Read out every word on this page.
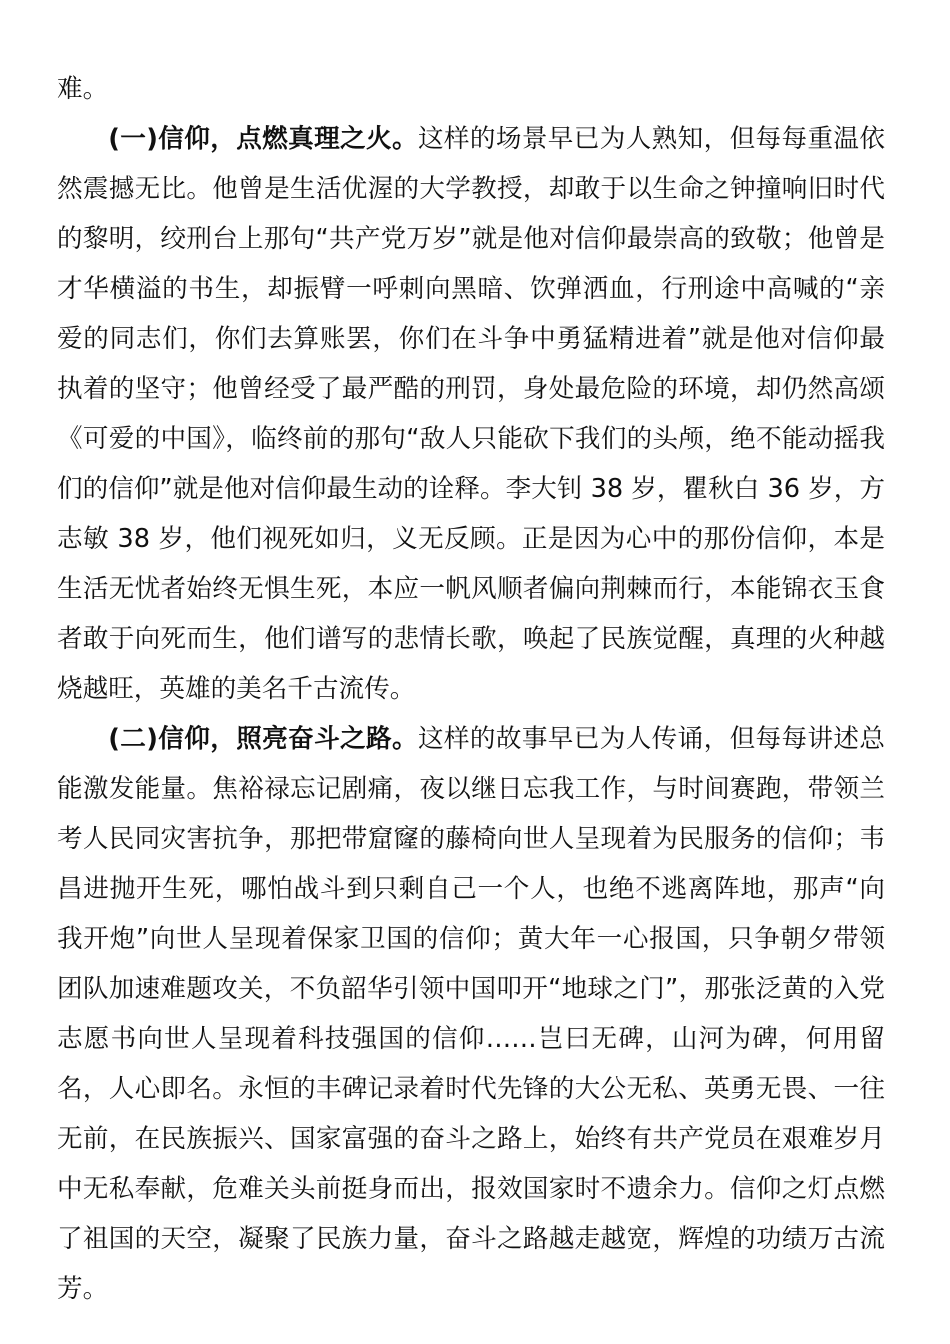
难。

(一)信仰，点燃真理之火。这样的场景早已为人熟知，但每每重温依然震撼无比。他曾是生活优渥的大学教授，却敢于以生命之钟撞响旧时代的黎明，绞刑台上那句“共产党万岁”就是他对信仰最崇高的致敬；他曾是才华横溢的书生，却振臂一呼刺向黑暗、饮弹洒血，行刑途中高喊的“亲爱的同志们，你们去算账罢，你们在斗争中勇猛精进着”就是他对信仰最执着的坚守；他曾经受了最严酷的刑罚，身处最危险的环境，却仍然高颂《可爱的中国》，临终前的那句“敌人只能砍下我们的头颅，绝不能动摇我们的信仰”就是他对信仰最生动的诠释。李大钊 38 岁，瞿秋白 36 岁，方志敏 38 岁，他们视死如归，义无反顾。正是因为心中的那份信仰，本是生活无忧者始终无惧生死，本应一帆风顺者偏向荆棘而行，本能锦衣玉食者敢于向死而生，他们谱写的悲情长歌，唤起了民族觉醒，真理的火种越烧越旺，英雄的美名千古流传。

(二)信仰，照亮奋斗之路。这样的故事早已为人传诵，但每每讲述总能激发能量。焦裕禄忘记剧痛，夜以继日忘我工作，与时间赛跑，带领兰考人民同灾害抗争，那把带窟窿的藤椅向世人呈现着为民服务的信仰；韦昌进抛开生死，哪怕战斗到只剩自己一个人，也绝不逃离阵地，那声“向我开炮”向世人呈现着保家卫国的信仰；黄大年一心报国，只争朝夕带领团队加速难题攻关，不负韶华引领中国叩开“地球之门”，那张泛黄的入党志愿书向世人呈现着科技强国的信仰……岂曰无碑，山河为碑，何用留名，人心即名。永恒的丰碑记录着时代先锋的大公无私、英勇无畏、一往无前，在民族振兴、国家富强的奋斗之路上，始终有共产党员在艰难岁月中无私奉献，危难关头前挺身而出，报效国家时不遗余力。信仰之灯点燃了祖国的天空，凝聚了民族力量，奋斗之路越走越宽，辉煌的功绩万古流芳。
